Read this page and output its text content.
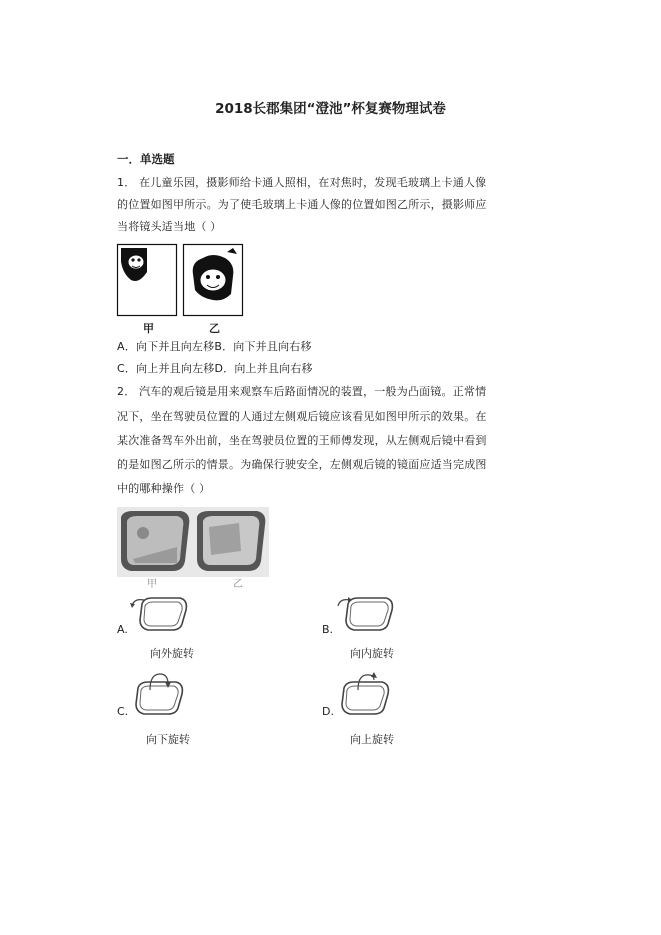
2018长郡集团“澄池”杯复赛物理试卷
一．单选题
1． 在儿童乐园，摄影师给卡通人照相，在对焦时，发现毛玻璃上卡通人像
的位置如图甲所示。为了使毛玻璃上卡通人像的位置如图乙所示，摄影师应
当将镜头适当地（ ）
甲	乙
A．向下并且向左移B．向下并且向右移
C．向上并且向左移D．向上并且向右移
2． 汽车的观后镜是用来观察车后路面情况的装置，一般为凸面镜。正常情
况下，坐在驾驶员位置的人通过左侧观后镜应该看见如图甲所示的效果。在
某次准备驾车外出前，坐在驾驶员位置的王师傅发现，从左侧观后镜中看到
的是如图乙所示的情景。为确保行驶安全，左侧观后镜的镜面应适当完成图
中的哪种操作（ ）
甲	乙
A.
向外旋转
B.
向内旋转
C.
向下旋转
D.
向上旋转
